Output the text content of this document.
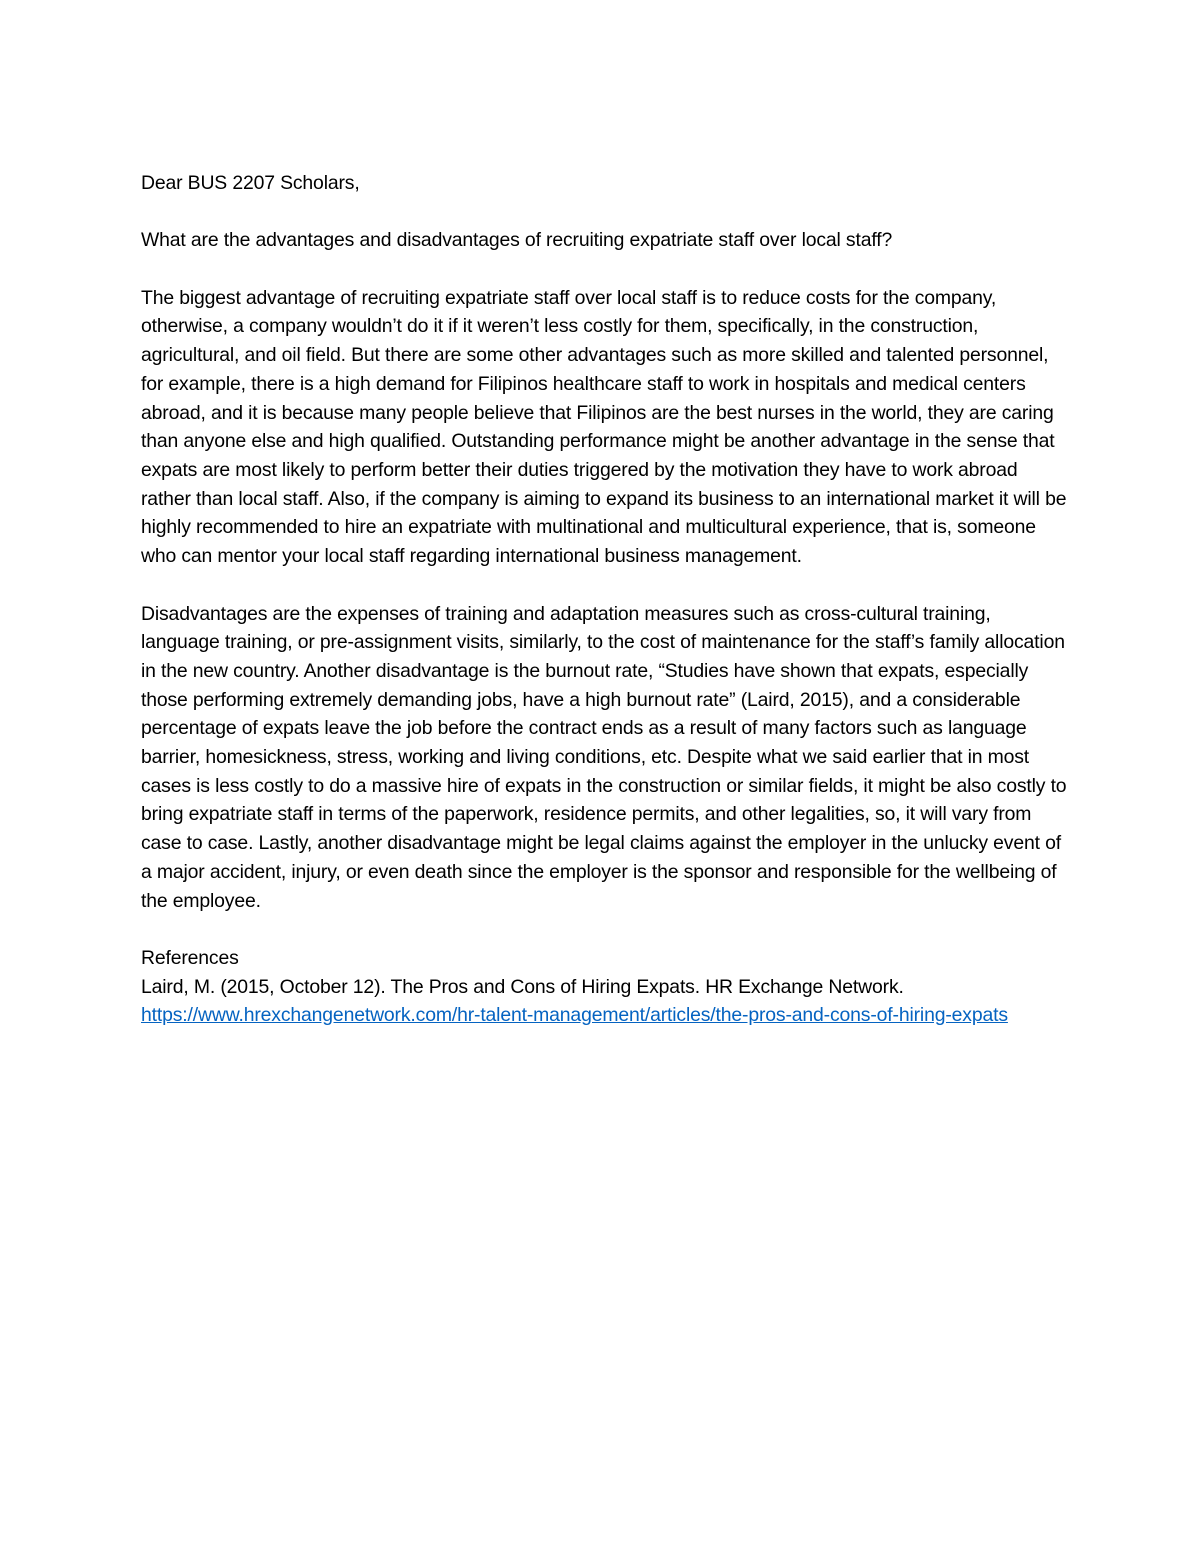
Dear BUS 2207 Scholars,

What are the advantages and disadvantages of recruiting expatriate staff over local staff?

The biggest advantage of recruiting expatriate staff over local staff is to reduce costs for the company, otherwise, a company wouldn’t do it if it weren’t less costly for them, specifically, in the construction, agricultural, and oil field. But there are some other advantages such as more skilled and talented personnel, for example, there is a high demand for Filipinos healthcare staff to work in hospitals and medical centers abroad, and it is because many people believe that Filipinos are the best nurses in the world, they are caring than anyone else and high qualified. Outstanding performance might be another advantage in the sense that expats are most likely to perform better their duties triggered by the motivation they have to work abroad rather than local staff. Also, if the company is aiming to expand its business to an international market it will be highly recommended to hire an expatriate with multinational and multicultural experience, that is, someone who can mentor your local staff regarding international business management.

Disadvantages are the expenses of training and adaptation measures such as cross-cultural training, language training, or pre-assignment visits, similarly, to the cost of maintenance for the staff’s family allocation in the new country. Another disadvantage is the burnout rate, “Studies have shown that expats, especially those performing extremely demanding jobs, have a high burnout rate” (Laird, 2015), and a considerable percentage of expats leave the job before the contract ends as a result of many factors such as language barrier, homesickness, stress, working and living conditions, etc. Despite what we said earlier that in most cases is less costly to do a massive hire of expats in the construction or similar fields, it might be also costly to bring expatriate staff in terms of the paperwork, residence permits, and other legalities, so, it will vary from case to case. Lastly, another disadvantage might be legal claims against the employer in the unlucky event of a major accident, injury, or even death since the employer is the sponsor and responsible for the wellbeing of the employee.

References

Laird, M. (2015, October 12). The Pros and Cons of Hiring Expats. HR Exchange Network.

https://www.hrexchangenetwork.com/hr-talent-management/articles/the-pros-and-cons-of-hiring-expats
